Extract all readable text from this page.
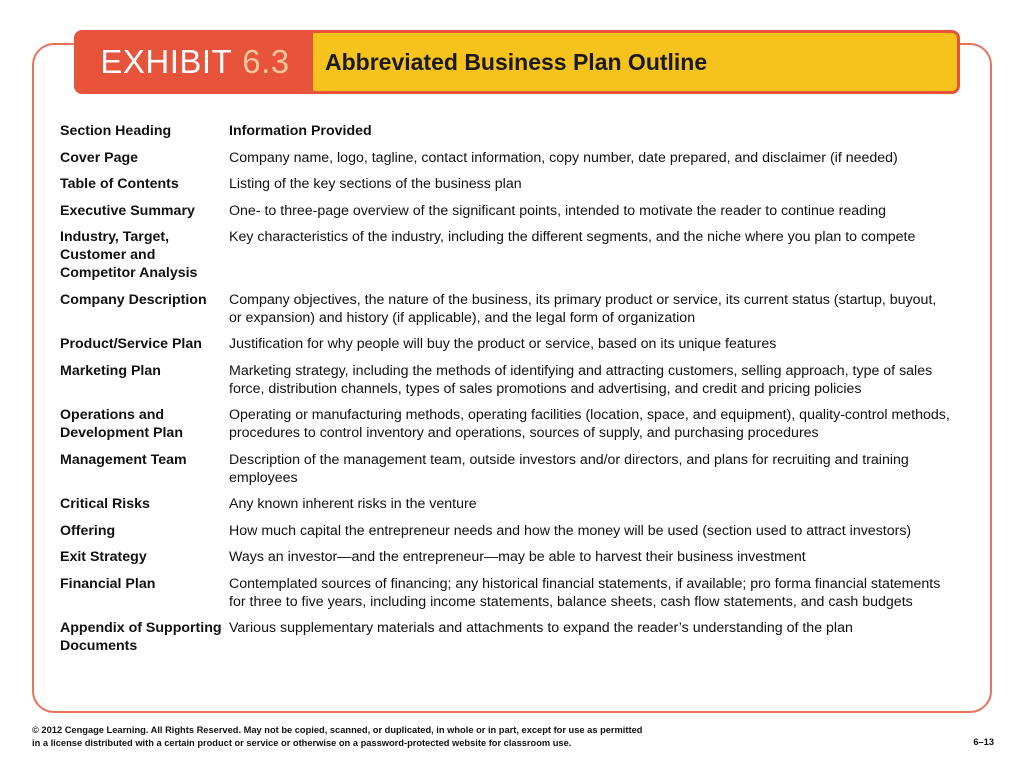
EXHIBIT 6.3 Abbreviated Business Plan Outline
Section Heading	Information Provided
Cover Page	Company name, logo, tagline, contact information, copy number, date prepared, and disclaimer (if needed)
Table of Contents	Listing of the key sections of the business plan
Executive Summary	One- to three-page overview of the significant points, intended to motivate the reader to continue reading
Industry, Target, Customer and Competitor Analysis	Key characteristics of the industry, including the different segments, and the niche where you plan to compete
Company Description	Company objectives, the nature of the business, its primary product or service, its current status (startup, buyout, or expansion) and history (if applicable), and the legal form of organization
Product/Service Plan	Justification for why people will buy the product or service, based on its unique features
Marketing Plan	Marketing strategy, including the methods of identifying and attracting customers, selling approach, type of sales force, distribution channels, types of sales promotions and advertising, and credit and pricing policies
Operations and Development Plan	Operating or manufacturing methods, operating facilities (location, space, and equipment), quality-control methods, procedures to control inventory and operations, sources of supply, and purchasing procedures
Management Team	Description of the management team, outside investors and/or directors, and plans for recruiting and training employees
Critical Risks	Any known inherent risks in the venture
Offering	How much capital the entrepreneur needs and how the money will be used (section used to attract investors)
Exit Strategy	Ways an investor—and the entrepreneur—may be able to harvest their business investment
Financial Plan	Contemplated sources of financing; any historical financial statements, if available; pro forma financial statements for three to five years, including income statements, balance sheets, cash flow statements, and cash budgets
Appendix of Supporting Documents	Various supplementary materials and attachments to expand the reader’s understanding of the plan
© 2012 Cengage Learning. All Rights Reserved. May not be copied, scanned, or duplicated, in whole or in part, except for use as permitted
in a license distributed with a certain product or service or otherwise on a password-protected website for classroom use.	6–13
